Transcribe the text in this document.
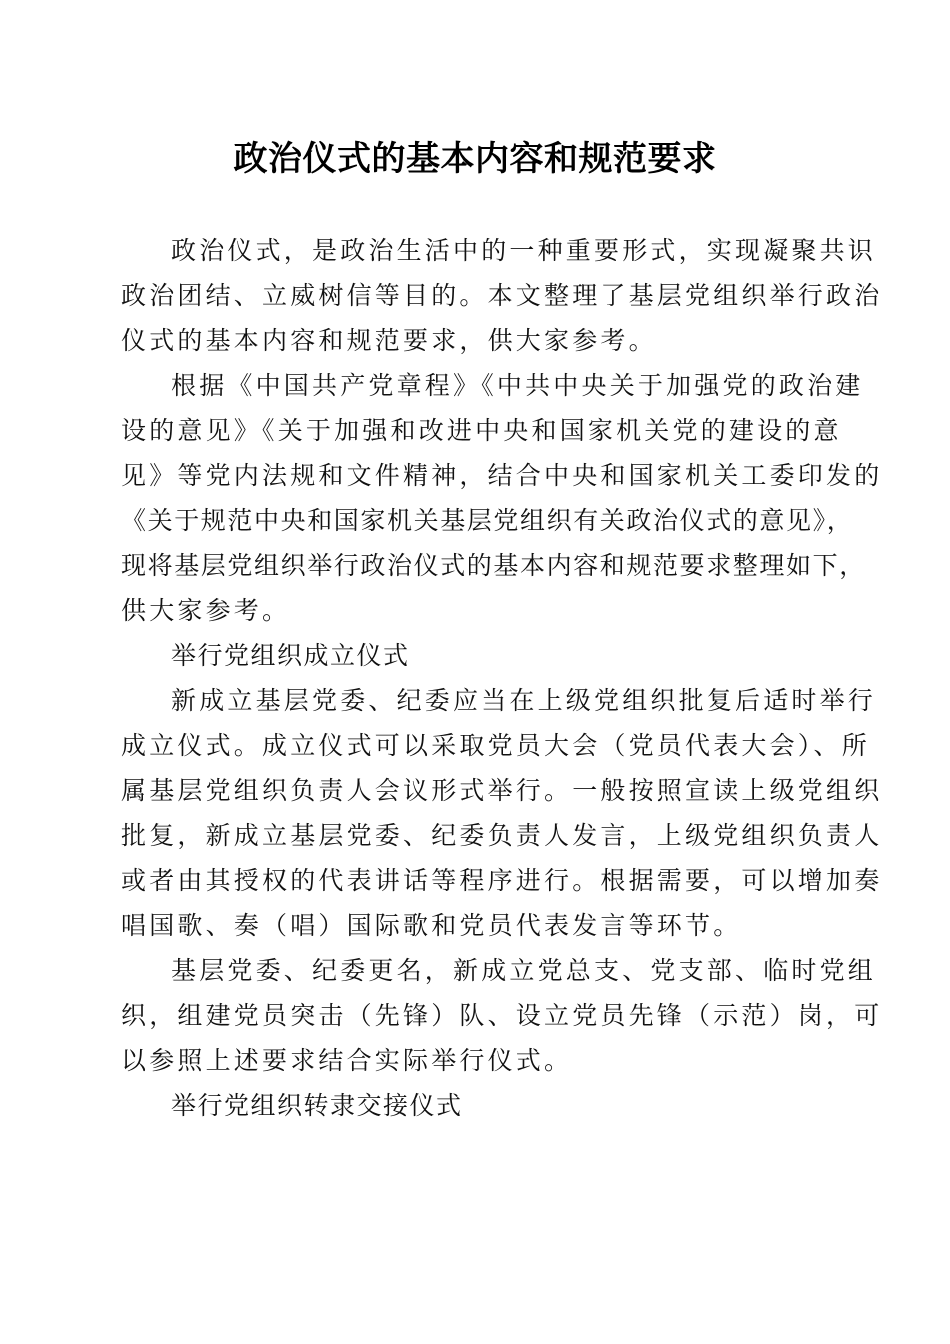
政治仪式的基本内容和规范要求

政治仪式，是政治生活中的一种重要形式，实现凝聚共识
政治团结、立威树信等目的。本文整理了基层党组织举行政治
仪式的基本内容和规范要求，供大家参考。

根据《中国共产党章程》《中共中央关于加强党的政治建
设的意见》《关于加强和改进中央和国家机关党的建设的意
见》等党内法规和文件精神，结合中央和国家机关工委印发的
《关于规范中央和国家机关基层党组织有关政治仪式的意见》，
现将基层党组织举行政治仪式的基本内容和规范要求整理如下，
供大家参考。

举行党组织成立仪式

新成立基层党委、纪委应当在上级党组织批复后适时举行
成立仪式。成立仪式可以采取党员大会（党员代表大会）、所
属基层党组织负责人会议形式举行。一般按照宣读上级党组织
批复，新成立基层党委、纪委负责人发言，上级党组织负责人
或者由其授权的代表讲话等程序进行。根据需要，可以增加奏
唱国歌、奏（唱）国际歌和党员代表发言等环节。

基层党委、纪委更名，新成立党总支、党支部、临时党组
织，组建党员突击（先锋）队、设立党员先锋（示范）岗，可
以参照上述要求结合实际举行仪式。

举行党组织转隶交接仪式
